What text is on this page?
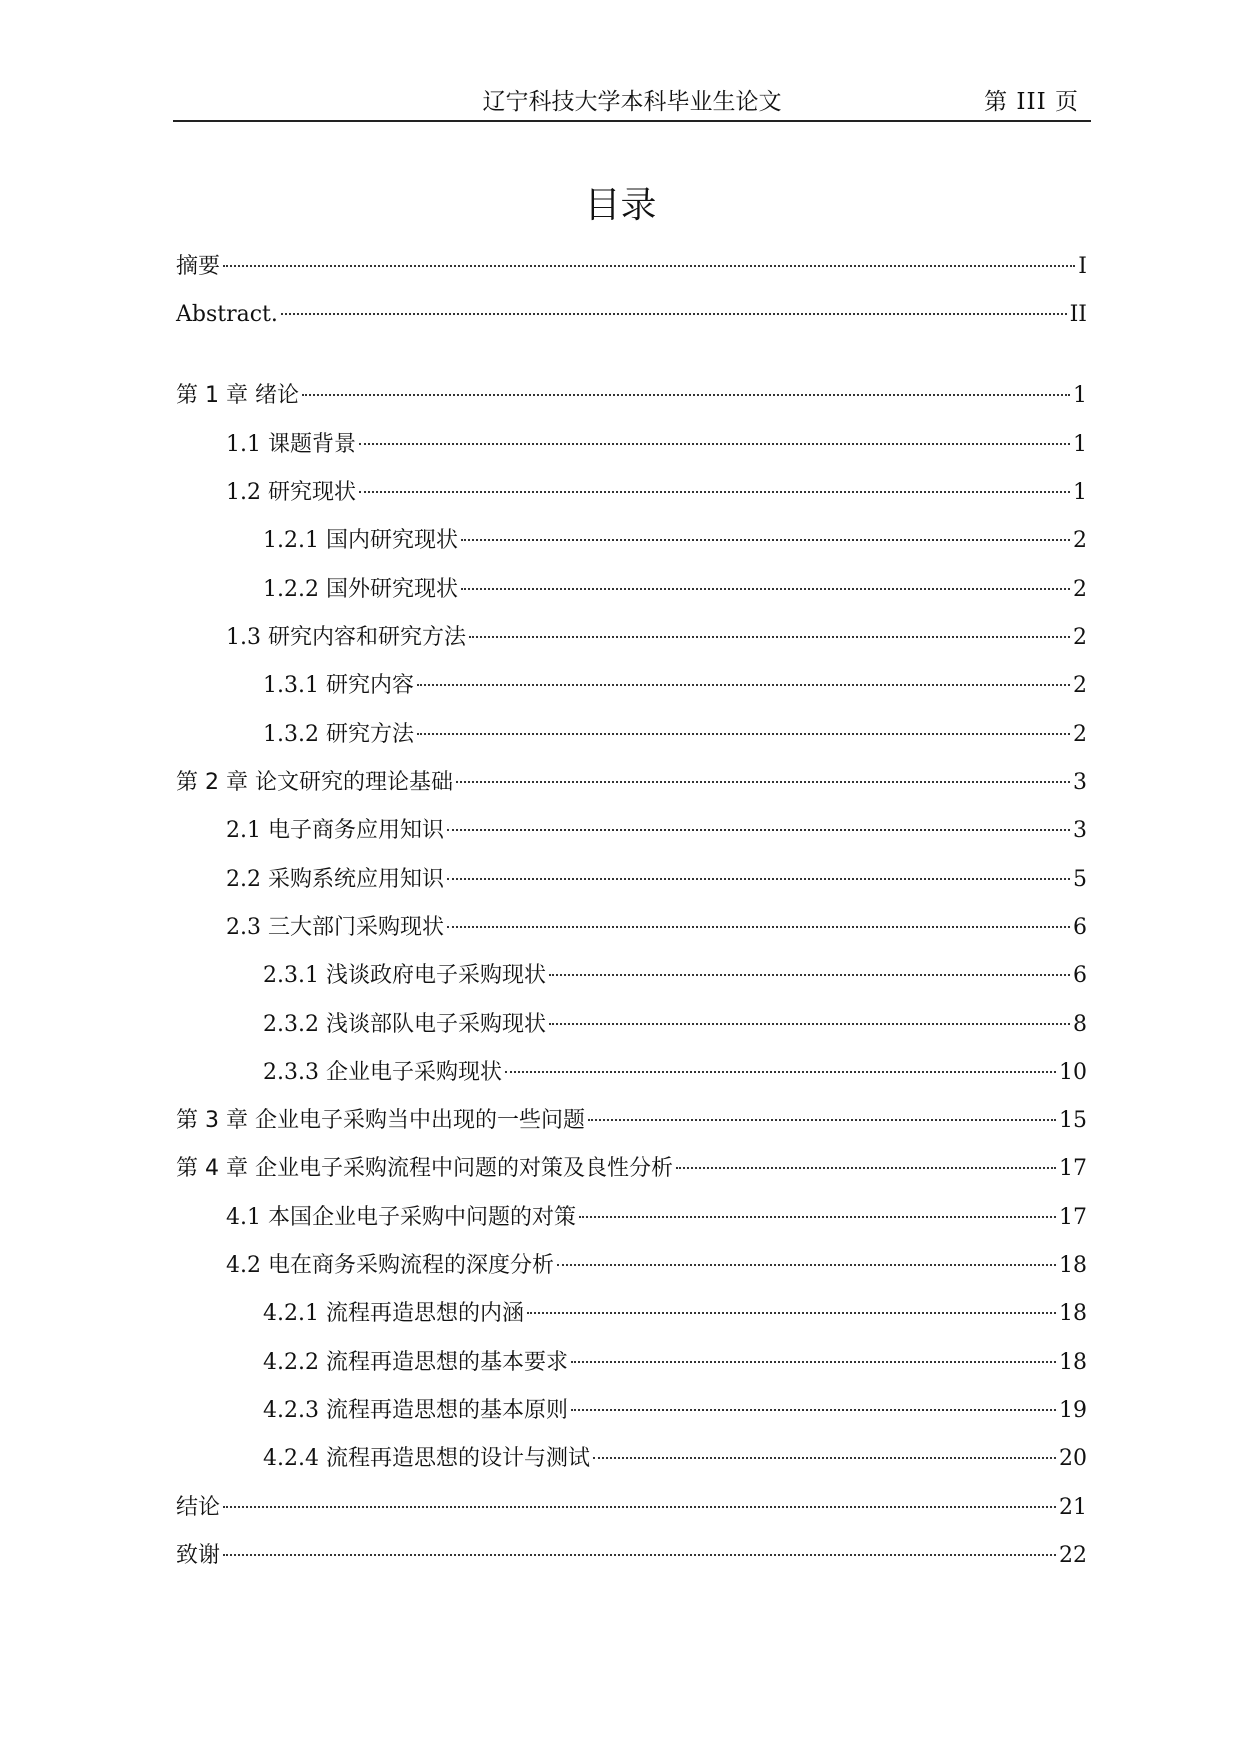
辽宁科技大学本科毕业生论文	第 III 页
目录
摘要	I
Abstract.	II
第 1 章 绪论	1
1.1 课题背景	1
1.2 研究现状	1
1.2.1 国内研究现状	2
1.2.2 国外研究现状	2
1.3 研究内容和研究方法	2
1.3.1 研究内容	2
1.3.2 研究方法	2
第 2 章 论文研究的理论基础	3
2.1 电子商务应用知识	3
2.2 采购系统应用知识	5
2.3 三大部门采购现状	6
2.3.1 浅谈政府电子采购现状	6
2.3.2 浅谈部队电子采购现状	8
2.3.3 企业电子采购现状	10
第 3 章 企业电子采购当中出现的一些问题	15
第 4 章 企业电子采购流程中问题的对策及良性分析	17
4.1 本国企业电子采购中问题的对策	17
4.2 电在商务采购流程的深度分析	18
4.2.1 流程再造思想的内涵	18
4.2.2 流程再造思想的基本要求	18
4.2.3 流程再造思想的基本原则	19
4.2.4 流程再造思想的设计与测试	20
结论	21
致谢	22
